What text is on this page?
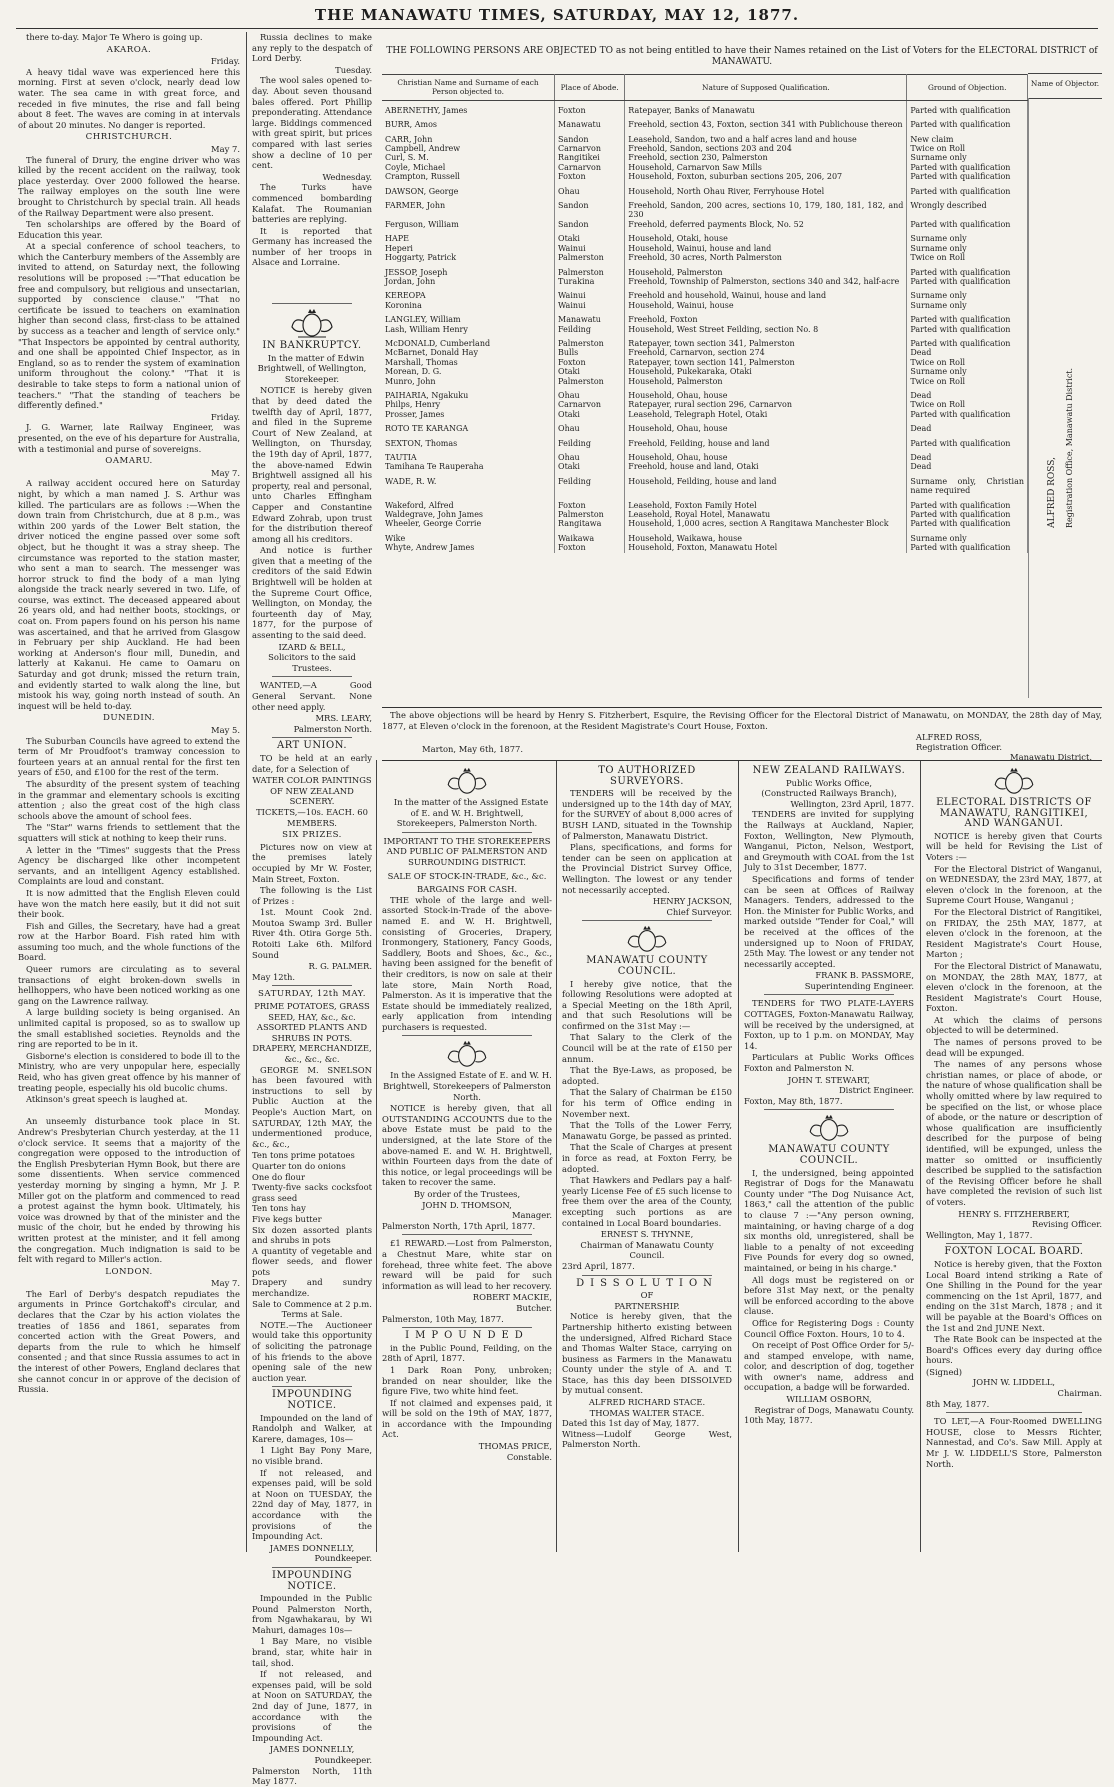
THE MANAWATU TIMES, SATURDAY, MAY 12, 1877.

there to-day. Major Te Whero is going up.

AKAROA.
Friday.

A heavy tidal wave was experienced here this morning. First at seven o'clock, nearly dead low water. The sea came in with great force, and receded in five minutes, the rise and fall being about 8 feet. The waves are coming in at intervals of about 20 minutes. No danger is reported.

CHRISTCHURCH.
May 7.

The funeral of Drury, the engine driver who was killed by the recent accident on the railway, took place yesterday. Over 2000 followed the hearse. The railway employes on the south line were brought to Christchurch by special train. All heads of the Railway Department were also present.

Ten scholarships are offered by the Board of Education this year.

At a special conference of school teachers, to which the Canterbury members of the Assembly are invited to attend, on Saturday next, the following resolutions will be proposed :—"That education be free and compulsory, but religious and unsectarian, supported by conscience clause." "That no certificate be issued to teachers on examination higher than second class, first-class to be attained by success as a teacher and length of service only." "That Inspectors be appointed by central authority, and one shall be appointed Chief Inspector, as in England, so as to render the system of examination uniform throughout the colony." "That it is desirable to take steps to form a national union of teachers." "That the standing of teachers be differently defined."

Friday.

J. G. Warner, late Railway Engineer, was presented, on the eve of his departure for Australia, with a testimonial and purse of sovereigns.

OAMARU.
May 7.

A railway accident occured here on Saturday night, by which a man named J. S. Arthur was killed. The particulars are as follows :—When the down train from Christchurch, due at 8 p.m., was within 200 yards of the Lower Belt station, the driver noticed the engine passed over some soft object, but he thought it was a stray sheep. The circumstance was reported to the station master, who sent a man to search. The messenger was horror struck to find the body of a man lying alongside the track nearly severed in two. Life, of course, was extinct. The deceased appeared about 26 years old, and had neither boots, stockings, or coat on. From papers found on his person his name was ascertained, and that he arrived from Glasgow in February per ship Auckland. He had been working at Anderson's flour mill, Dunedin, and latterly at Kakanui. He came to Oamaru on Saturday and got drunk; missed the return train, and evidently started to walk along the line, but mistook his way, going north instead of south. An inquest will be held to-day.

DUNEDIN.
May 5.

The Suburban Councils have agreed to extend the term of Mr Proudfoot's tramway concession to fourteen years at an annual rental for the first ten years of £50, and £100 for the rest of the term.

The absurdity of the present system of teaching in the grammar and elementary schools is exciting attention ; also the great cost of the high class schools above the amount of school fees.

The "Star" warns friends to settlement that the squatters will stick at nothing to keep their runs.

A letter in the "Times" suggests that the Press Agency be discharged like other incompetent servants, and an intelligent Agency established. Complaints are loud and constant.

It is now admitted that the English Eleven could have won the match here easily, but it did not suit their book.

Fish and Gilles, the Secretary, have had a great row at the Harbor Board. Fish rated him with assuming too much, and the whole functions of the Board.

Queer rumors are circulating as to several transactions of eight broken-down swells in hellhoppers, who have been noticed working as one gang on the Lawrence railway.

A large building society is being organised. An unlimited capital is proposed, so as to swallow up the small established societies. Reynolds and the ring are reported to be in it.

Gisborne's election is considered to bode ill to the Ministry, who are very unpopular here, especially Reid, who has given great offence by his manner of treating people, especially his old bucolic chums.

Atkinson's great speech is laughed at.

Monday.

An unseemly disturbance took place in St. Andrew's Presbyterian Church yesterday, at the 11 o'clock service. It seems that a majority of the congregation were opposed to the introduction of the English Presbyterian Hymn Book, but there are some dissentients. When service commenced yesterday morning by singing a hymn, Mr J. P. Miller got on the platform and commenced to read a protest against the hymn book. Ultimately, his voice was drowned by that of the minister and the music of the choir, but he ended by throwing his written protest at the minister, and it fell among the congregation. Much indignation is said to be felt with regard to Miller's action.

LONDON.
May 7.

The Earl of Derby's despatch repudiates the arguments in Prince Gortchakoff's circular, and declares that the Czar by his action violates the treaties of 1856 and 1861, separates from concerted action with the Great Powers, and departs from the rule to which he himself consented ; and that since Russia assumes to act in the interest of other Powers, England declares that she cannot concur in or approve of the decision of Russia.

Russia declines to make any reply to the despatch of Lord Derby.

Tuesday.

The wool sales opened to-day. About seven thousand bales offered. Port Phillip preponderating. Attendance large. Biddings commenced with great spirit, but prices compared with last series show a decline of 10 per cent.

Wednesday.

The Turks have commenced bombarding Kalafat. The Roumanian batteries are replying.

It is reported that Germany has increased the number of her troops in Alsace and Lorraine.

IN BANKRUPTCY.

In the matter of Edwin Brightwell, of Wellington, Storekeeper.

NOTICE is hereby given that by deed dated the twelfth day of April, 1877, and filed in the Supreme Court of New Zealand, at Wellington, on Thursday, the 19th day of April, 1877, the above-named Edwin Brightwell assigned all his property, real and personal, unto Charles Effingham Capper and Constantine Edward Zohrab, upon trust for the distribution thereof among all his creditors.

And notice is further given that a meeting of the creditors of the said Edwin Brightwell will be holden at the Supreme Court Office, Wellington, on Monday, the fourteenth day of May, 1877, for the purpose of assenting to the said deed.

IZARD & BELL,
Solicitors to the said Trustees.

WANTED,—A Good General Servant. None other need apply.

MRS. LEARY,
Palmerston North.
ART UNION.

TO be held at an early date, for a Selection of

WATER COLOR PAINTINGS OF NEW ZEALAND SCENERY.
TICKETS,—10s. EACH. 60 MEMBERS.
SIX PRIZES.

Pictures now on view at the premises lately occupied by Mr W. Foster, Main Street, Foxton.

The following is the List of Prizes :

1st. Mount Cook 2nd. Moutoa Swamp 3rd. Buller River 4th. Otira Gorge 5th. Rotoiti Lake 6th. Milford Sound

R. G. PALMER.
May 12th.
SATURDAY, 12th MAY.
PRIME POTATOES, GRASS SEED, HAY, &c., &c.
ASSORTED PLANTS AND SHRUBS IN POTS.
DRAPERY, MERCHANDIZE, &c., &c., &c.

GEORGE M. SNELSON has been favoured with instructions to sell by Public Auction at the People's Auction Mart, on SATURDAY, 12th MAY, the undermentioned produce, &c., &c.,

Ten tons prime potatoes
Quarter ton do onions
One do flour
Twenty-five sacks cocksfoot grass seed
Ten tons hay
Five kegs butter
Six dozen assorted plants and shrubs in pots
A quantity of vegetable and flower seeds, and flower pots
Drapery and sundry merchandize.
Sale to Commence at 2 p.m.
Terms at Sale.

NOTE.—The Auctioneer would take this opportunity of soliciting the patronage of his friends to the above opening sale of the new auction year.

IMPOUNDING NOTICE.

Impounded on the land of Randolph and Walker, at Karere, damages, 10s—

1 Light Bay Pony Mare, no visible brand.

If not released, and expenses paid, will be sold at Noon on TUESDAY, the 22nd day of May, 1877, in accordance with the provisions of the Impounding Act.

JAMES DONNELLY,
Poundkeeper.
IMPOUNDING NOTICE.

Impounded in the Public Pound Palmerston North, from Ngawhakarau, by Wi Mahuri, damages 10s—

1 Bay Mare, no visible brand, star, white hair in tail, shod.

If not released, and expenses paid, will be sold at Noon on SATURDAY, the 2nd day of June, 1877, in accordance with the provisions of the Impounding Act.

JAMES DONNELLY,
Poundkeeper.
Palmerston North, 11th May 1877.
THE FOLLOWING PERSONS ARE OBJECTED TO as not being entitled to have their Names retained on the List of Voters for the ELECTORAL DISTRICT of MANAWATU.
Christian Name and Surname of each Person objected to.	Place of Abode.	Nature of Supposed Qualification.	Ground of Objection.
ABERNETHY, James	Foxton	Ratepayer, Banks of Manawatu	Parted with qualification
BURR, Amos	Manawatu	Freehold, section 43, Foxton, section 341 with Publichouse thereon	Parted with qualification
CARR, John	Sandon	Leasehold, Sandon, two and a half acres land and house	New claim
Campbell, Andrew	Carnarvon	Freehold, Sandon, sections 203 and 204	Twice on Roll
Curl, S. M.	Rangitikei	Freehold, section 230, Palmerston	Surname only
Coyle, Michael	Carnarvon	Household, Carnarvon Saw Mills	Parted with qualification
Crampton, Russell	Foxton	Household, Foxton, suburban sections 205, 206, 207	Parted with qualification
DAWSON, George	Ohau	Household, North Ohau River, Ferryhouse Hotel	Parted with qualification
FARMER, John	Sandon	Freehold, Sandon, 200 acres, sections 10, 179, 180, 181, 182, and 230	Wrongly described
Ferguson, William	Sandon	Freehold, deferred payments Block, No. 52	Parted with qualification
HAPE	Otaki	Household, Otaki, house	Surname only
Heperi	Wainui	Household, Wainui, house and land	Surname only
Hoggarty, Patrick	Palmerston	Freehold, 30 acres, North Palmerston	Twice on Roll
JESSOP, Joseph	Palmerston	Household, Palmerston	Parted with qualification
Jordan, John	Turakina	Freehold, Township of Palmerston, sections 340 and 342, half-acre	Parted with qualification
KEREOPA	Wainui	Freehold and household, Wainui, house and land	Surname only
Koronina	Wainui	Household, Wainui, house	Surname only
LANGLEY, William	Manawatu	Freehold, Foxton	Parted with qualification
Lash, William Henry	Feilding	Household, West Street Feilding, section No. 8	Parted with qualification
McDONALD, Cumberland	Palmerston	Ratepayer, town section 341, Palmerston	Parted with qualification
McBarnet, Donald Hay	Bulls	Freehold, Carnarvon, section 274	Dead
Marshall, Thomas	Foxton	Ratepayer, town section 141, Palmerston	Twice on Roll
Morean, D. G.	Otaki	Household, Pukekaraka, Otaki	Surname only
Munro, John	Palmerston	Household, Palmerston	Twice on Roll
PAIHARIA, Ngakuku	Ohau	Household, Ohau, house	Dead
Philps, Henry	Carnarvon	Ratepayer, rural section 296, Carnarvon	Twice on Roll
Prosser, James	Otaki	Leasehold, Telegraph Hotel, Otaki	Parted with qualification
ROTO TE KARANGA	Ohau	Household, Ohau, house	Dead
SEXTON, Thomas	Feilding	Freehold, Feilding, house and land	Parted with qualification
TAUTIA	Ohau	Household, Ohau, house	Dead
Tamihana Te Rauperaha	Otaki	Freehold, house and land, Otaki	Dead
WADE, R. W.	Feilding	Household, Feilding, house and land	Surname only, Christian name required
Wakeford, Alfred	Foxton	Leasehold, Foxton Family Hotel	Parted with qualification
Waldegrave, John James	Palmerston	Leasehold, Royal Hotel, Manawatu	Parted with qualification
Wheeler, George Corrie	Rangitawa	Household, 1,000 acres, section A Rangitawa Manchester Block	Parted with qualification
Wike	Waikawa	Household, Waikawa, house	Surname only
Whyte, Andrew James	Foxton	Household, Foxton, Manawatu Hotel	Parted with qualification
Name of Objector.
ALFRED ROSS, Registration Office, Manawatu District.

The above objections will be heard by Henry S. Fitzherbert, Esquire, the Revising Officer for the Electoral District of Manawatu, on MONDAY, the 28th day of May, 1877, at Eleven o'clock in the forenoon, at the Resident Magistrate's Court House, Foxton.

ALFRED ROSS,
Marton, May 6th, 1877.	Registration Officer.
Manawatu District.

In the matter of the Assigned Estate of E. and W. H. Brightwell, Storekeepers, Palmerston North.

IMPORTANT TO THE STOREKEEPERS AND PUBLIC OF PALMERSTON AND SURROUNDING DISTRICT.
SALE OF STOCK-IN-TRADE, &c., &c.
BARGAINS FOR CASH.

THE whole of the large and well-assorted Stock-in-Trade of the above-named E. and W. H. Brightwell, consisting of Groceries, Drapery, Ironmongery, Stationery, Fancy Goods, Saddlery, Boots and Shoes, &c., &c., having been assigned for the benefit of their creditors, is now on sale at their late store, Main North Road, Palmerston. As it is imperative that the Estate should be immediately realized, early application from intending purchasers is requested.

In the Assigned Estate of E. and W. H. Brightwell, Storekeepers of Palmerston North.

NOTICE is hereby given, that all OUTSTANDING ACCOUNTS due to the above Estate must be paid to the undersigned, at the late Store of the above-named E. and W. H. Brightwell, within Fourteen days from the date of this notice, or legal proceedings will be taken to recover the same.

By order of the Trustees,
JOHN D. THOMSON,
Manager.
Palmerston North, 17th April, 1877.

£1 REWARD.—Lost from Palmerston, a Chestnut Mare, white star on forehead, three white feet. The above reward will be paid for such information as will lead to her recovery.

ROBERT MACKIE,
Butcher.
Palmerston, 10th May, 1877.
IMPOUNDED

in the Public Pound, Feilding, on the 28th of April, 1877.

1 Dark Roan Pony, unbroken; branded on near shoulder, like the figure Five, two white hind feet.

If not claimed and expenses paid, it will be sold on the 19th of MAY, 1877, in accordance with the Impounding Act.

THOMAS PRICE,
Constable.
TO AUTHORIZED SURVEYORS.

TENDERS will be received by the undersigned up to the 14th day of MAY, for the SURVEY of about 8,000 acres of BUSH LAND, situated in the Township of Palmerston, Manawatu District.

Plans, specifications, and forms for tender can be seen on application at the Provincial District Survey Office, Wellington. The lowest or any tender not necessarily accepted.

HENRY JACKSON,
Chief Surveyor.
MANAWATU COUNTY COUNCIL.

I hereby give notice, that the following Resolutions were adopted at a Special Meeting on the 18th April, and that such Resolutions will be confirmed on the 31st May :—

That Salary to the Clerk of the Council will be at the rate of £150 per annum.

That the Bye-Laws, as proposed, be adopted.

That the Salary of Chairman be £150 for his term of Office ending in November next.

That the Tolls of the Lower Ferry, Manawatu Gorge, be passed as printed.

That the Scale of Charges at present in force as read, at Foxton Ferry, be adopted.

That Hawkers and Pedlars pay a half-yearly License Fee of £5 such license to free them over the area of the County, excepting such portions as are contained in Local Board boundaries.

ERNEST S. THYNNE,
Chairman of Manawatu County Council.
23rd April, 1877.
DISSOLUTION
OF
PARTNERSHIP.

Notice is hereby given, that the Partnership hitherto existing between the undersigned, Alfred Richard Stace and Thomas Walter Stace, carrying on business as Farmers in the Manawatu County under the style of A. and T. Stace, has this day been DISSOLVED by mutual consent.

ALFRED RICHARD STACE.
THOMAS WALTER STACE.
Dated this 1st day of May, 1877.
Witness—Ludolf George West, Palmerston North.
NEW ZEALAND RAILWAYS.
Public Works Office,
(Constructed Railways Branch),
Wellington, 23rd April, 1877.

TENDERS are invited for supplying the Railways at Auckland, Napier, Foxton, Wellington, New Plymouth, Wanganui, Picton, Nelson, Westport, and Greymouth with COAL from the 1st July to 31st December, 1877.

Specifications and forms of tender can be seen at Offices of Railway Managers. Tenders, addressed to the Hon. the Minister for Public Works, and marked outside "Tender for Coal," will be received at the offices of the undersigned up to Noon of FRIDAY, 25th May. The lowest or any tender not necessarily accepted.

FRANK B. PASSMORE,
Superintending Engineer.

TENDERS for TWO PLATE-LAYERS COTTAGES, Foxton-Manawatu Railway, will be received by the undersigned, at Foxton, up to 1 p.m. on MONDAY, May 14.

Particulars at Public Works Offices Foxton and Palmerston N.

JOHN T. STEWART,
District Engineer.
Foxton, May 8th, 1877.
MANAWATU COUNTY COUNCIL.

I, the undersigned, being appointed Registrar of Dogs for the Manawatu County under "The Dog Nuisance Act, 1863," call the attention of the public to clause 7 :—"Any person owning, maintaining, or having charge of a dog six months old, unregistered, shall be liable to a penalty of not exceeding Five Pounds for every dog so owned, maintained, or being in his charge."

All dogs must be registered on or before 31st May next, or the penalty will be enforced according to the above clause.

Office for Registering Dogs : County Council Office Foxton. Hours, 10 to 4.

On receipt of Post Office Order for 5/- and stamped envelope, with name, color, and description of dog, together with owner's name, address and occupation, a badge will be forwarded.

WILLIAM OSBORN,
Registrar of Dogs, Manawatu County.
10th May, 1877.
ELECTORAL DISTRICTS OF MANAWATU, RANGITIKEI, AND WANGANUI.

NOTICE is hereby given that Courts will be held for Revising the List of Voters :—

For the Electoral District of Wanganui, on WEDNESDAY, the 23rd MAY, 1877, at eleven o'clock in the forenoon, at the Supreme Court House, Wanganui ;

For the Electoral District of Rangitikei, on FRIDAY, the 25th MAY, 1877, at eleven o'clock in the forenoon, at the Resident Magistrate's Court House, Marton ;

For the Electoral District of Manawatu, on MONDAY, the 28th MAY, 1877, at eleven o'clock in the forenoon, at the Resident Magistrate's Court House, Foxton.

At which the claims of persons objected to will be determined.

The names of persons proved to be dead will be expunged.

The names of any persons whose christian names, or place of abode, or the nature of whose qualification shall be wholly omitted where by law required to be specified on the list, or whose place of abode, or the nature or description of whose qualification are insufficiently described for the purpose of being identified, will be expunged, unless the matter so omitted or insufficiently described be supplied to the satisfaction of the Revising Officer before he shall have completed the revision of such list of voters.

HENRY S. FITZHERBERT,
Revising Officer.
Wellington, May 1, 1877.
FOXTON LOCAL BOARD.

Notice is hereby given, that the Foxton Local Board intend striking a Rate of One Shilling in the Pound for the year commencing on the 1st April, 1877, and ending on the 31st March, 1878 ; and it will be payable at the Board's Offices on the 1st and 2nd JUNE Next.

The Rate Book can be inspected at the Board's Offices every day during office hours.

(Signed)
JOHN W. LIDDELL,
Chairman.
8th May, 1877.

TO LET,—A Four-Roomed DWELLING HOUSE, close to Messrs Richter, Nannestad, and Co's. Saw Mill. Apply at Mr J. W. LIDDELL'S Store, Palmerston North.
